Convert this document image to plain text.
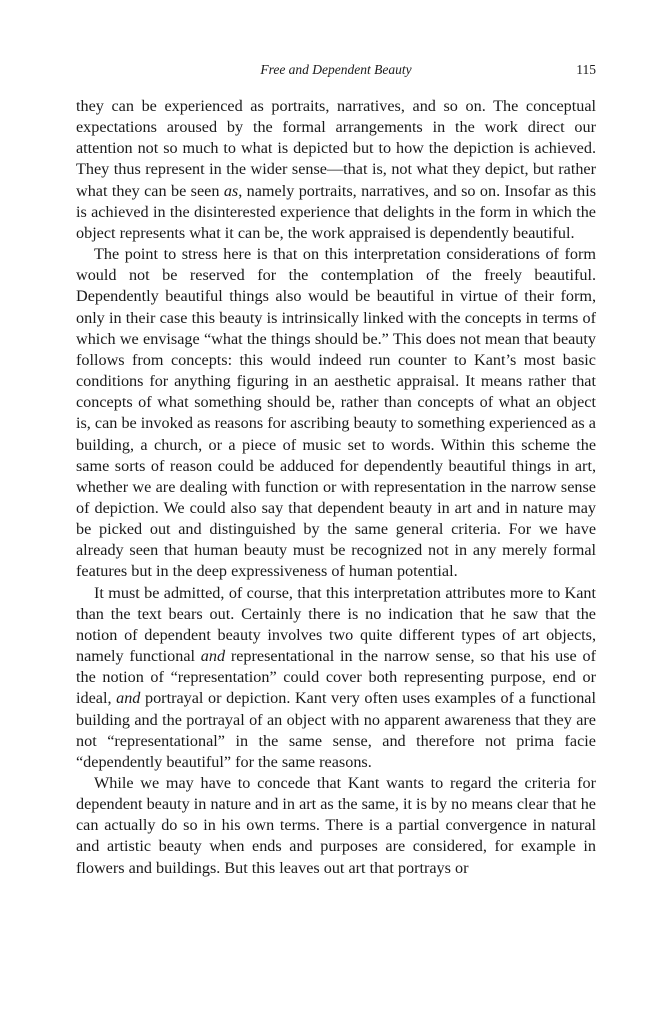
Free and Dependent Beauty	115

they can be experienced as portraits, narratives, and so on. The conceptual expectations aroused by the formal arrangements in the work direct our attention not so much to what is depicted but to how the depiction is achieved. They thus represent in the wider sense—that is, not what they depict, but rather what they can be seen as, namely portraits, narratives, and so on. Insofar as this is achieved in the disinterested experience that delights in the form in which the object represents what it can be, the work appraised is dependently beautiful.

The point to stress here is that on this interpretation considerations of form would not be reserved for the contemplation of the freely beautiful. Dependently beautiful things also would be beautiful in virtue of their form, only in their case this beauty is intrinsically linked with the concepts in terms of which we envisage “what the things should be.” This does not mean that beauty follows from concepts: this would indeed run counter to Kant’s most basic conditions for anything figuring in an aesthetic appraisal. It means rather that concepts of what something should be, rather than concepts of what an object is, can be invoked as reasons for ascribing beauty to something experienced as a building, a church, or a piece of music set to words. Within this scheme the same sorts of reason could be adduced for dependently beautiful things in art, whether we are dealing with function or with representation in the narrow sense of depiction. We could also say that dependent beauty in art and in nature may be picked out and distinguished by the same general criteria. For we have already seen that human beauty must be recognized not in any merely formal features but in the deep expressiveness of human potential.

It must be admitted, of course, that this interpretation attributes more to Kant than the text bears out. Certainly there is no indication that he saw that the notion of dependent beauty involves two quite different types of art objects, namely functional and representational in the narrow sense, so that his use of the notion of “representation” could cover both representing purpose, end or ideal, and portrayal or depiction. Kant very often uses examples of a functional building and the portrayal of an object with no apparent awareness that they are not “representational” in the same sense, and therefore not prima facie “dependently beautiful” for the same reasons.

While we may have to concede that Kant wants to regard the criteria for dependent beauty in nature and in art as the same, it is by no means clear that he can actually do so in his own terms. There is a partial convergence in natural and artistic beauty when ends and purposes are considered, for example in flowers and buildings. But this leaves out art that portrays or
